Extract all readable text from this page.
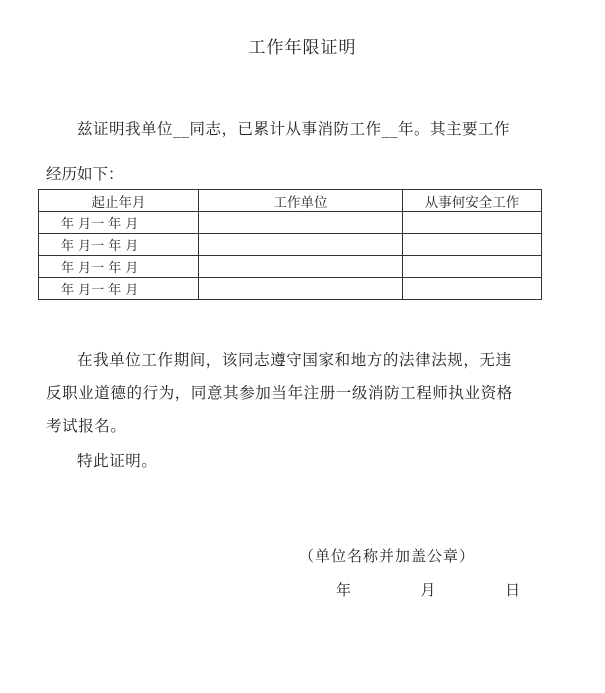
工作年限证明
兹证明我单位__同志，已累计从事消防工作__年。其主要工作
经历如下：
起止年月	工作单位	从事何安全工作
年 月一 年 月		
年 月一 年 月		
年 月一 年 月		
年 月一 年 月		
在我单位工作期间，该同志遵守国家和地方的法律法规，无违
反职业道德的行为，同意其参加当年注册一级消防工程师执业资格
考试报名。
特此证明。
（单位名称并加盖公章）
年  月  日
